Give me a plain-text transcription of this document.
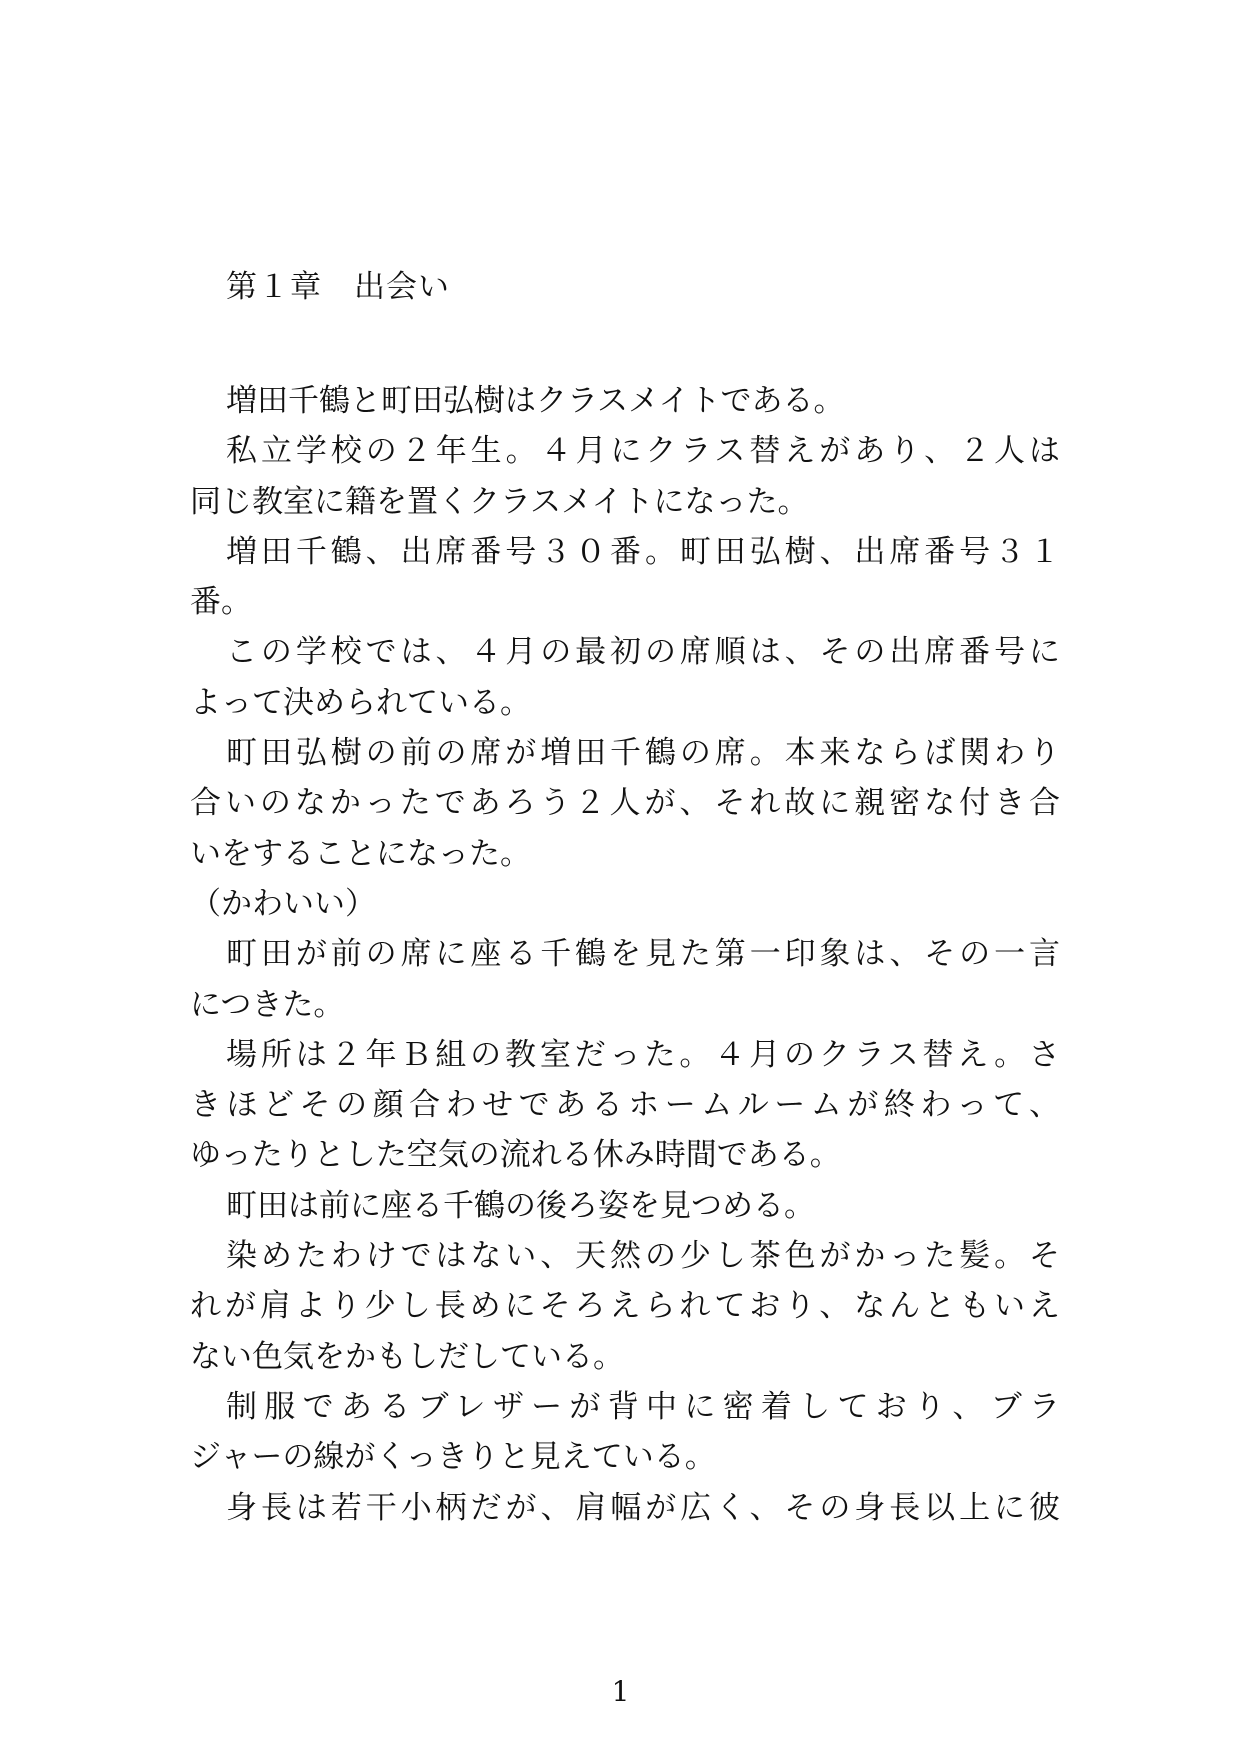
第１章　出会い
増田千鶴と町田弘樹はクラスメイトである。
私立学校の２年生。４月にクラス替えがあり、２人は
同じ教室に籍を置くクラスメイトになった。
増田千鶴、出席番号３０番。町田弘樹、出席番号３１
番。
この学校では、４月の最初の席順は、その出席番号に
よって決められている。
町田弘樹の前の席が増田千鶴の席。本来ならば関わり
合いのなかったであろう２人が、それ故に親密な付き合
いをすることになった。
（かわいい）
町田が前の席に座る千鶴を見た第一印象は、その一言
につきた。
場所は２年Ｂ組の教室だった。４月のクラス替え。さ
きほどその顔合わせであるホームルームが終わって、
ゆったりとした空気の流れる休み時間である。
町田は前に座る千鶴の後ろ姿を見つめる。
染めたわけではない、天然の少し茶色がかった髪。そ
れが肩より少し長めにそろえられており、なんともいえ
ない色気をかもしだしている。
制服であるブレザーが背中に密着しており、ブラ
ジャーの線がくっきりと見えている。
身長は若干小柄だが、肩幅が広く、その身長以上に彼
1
